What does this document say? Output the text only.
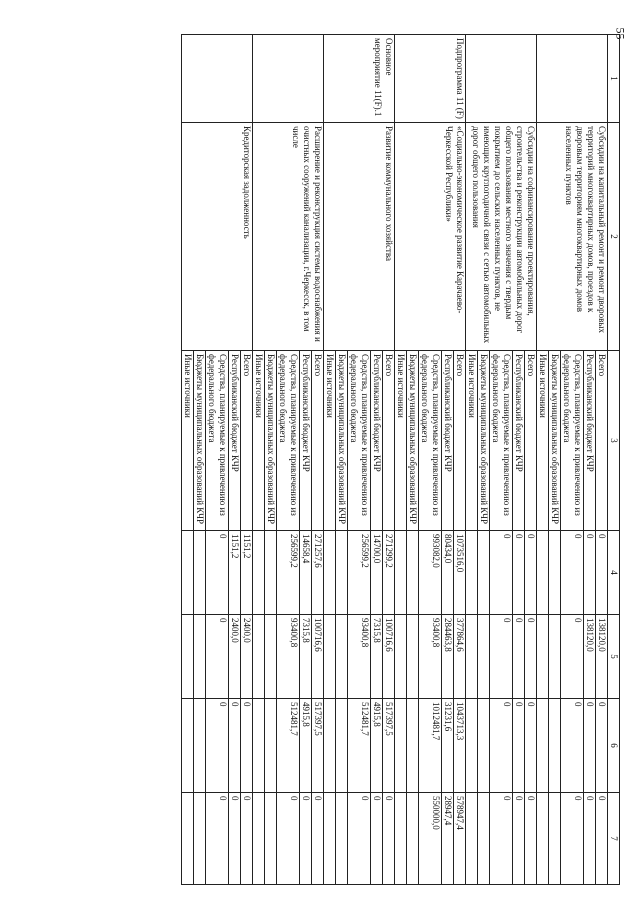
55
1	2	3	4	5	6	7
	Субсидии на капитальный ремонт и ремонт дворовых территорий многоквартирных домов, проездов к дворовым территориям многоквартирных домов населенных пунктов	Всего	0	138120,0	0	0
		Республиканский бюджет КЧР	0	138120,0	0	0
		Средства, планируемые к привлечению из федерального бюджета	0	0	0	0
		Бюджеты муниципальных образований КЧР				
		Иные источники				
	Субсидии на софинансирование проектирования, строительства и реконструкции автомобильных дорог общего пользования местного значения с твердым покрытием до сельских населенных пунктов, не имеющих круглогодичной связи с сетью автомобильных дорог общего пользования	Всего	0	0	0	0
		Республиканский бюджет КЧР	0	0	0	0
		Средства, планируемые к привлечению из федерального бюджета	0	0	0	0
		Бюджеты муниципальных образований КЧР				
		Иные источники				
Подпрограмма 11 (F)	«Социально-экономическое развитие Карачаево-Черкесской Республики»	Всего	1073516,0	377864,6	1043713,3	578947,4
		Республиканский бюджет КЧР	80434,0	284463,8	31231,6	28947,4
		Средства, планируемые к привлечению из федерального бюджета	993082,0	93400,8	1012481,7	550000,0
		Бюджеты муниципальных образований КЧР				
		Иные источники				
Основное мероприятие 11(F).1	Развитие коммунального хозяйства	Всего	271299,2	100716,6	517397,5	0
		Республиканский бюджет КЧР	14700,0	7315,8	4915,8	0
		Средства, планируемые к привлечению из федерального бюджета	256599,2	93400,8	512481,7	0
		Бюджеты муниципальных образований КЧР				
		Иные источники				
	Расширение и реконструкция системы водоснабжения и очистных сооружений канализации, г.Черкесск, в том числе	Всего	271257,6	100716,6	517397,5	0
		Республиканский бюджет КЧР	14658,4	7315,8	4915,8	0
		Средства, планируемые к привлечению из федерального бюджета	256599,2	93400,8	512481,7	0
		Бюджеты муниципальных образований КЧР				
		Иные источники				
	Кредиторская задолженность	Всего	1151,2	2400,0	0	0
		Республиканский бюджет КЧР	1151,2	2400,0	0	0
		Средства, планируемые к привлечению из федерального бюджета	0	0	0	0
		Бюджеты муниципальных образований КЧР				
		Иные источники				
